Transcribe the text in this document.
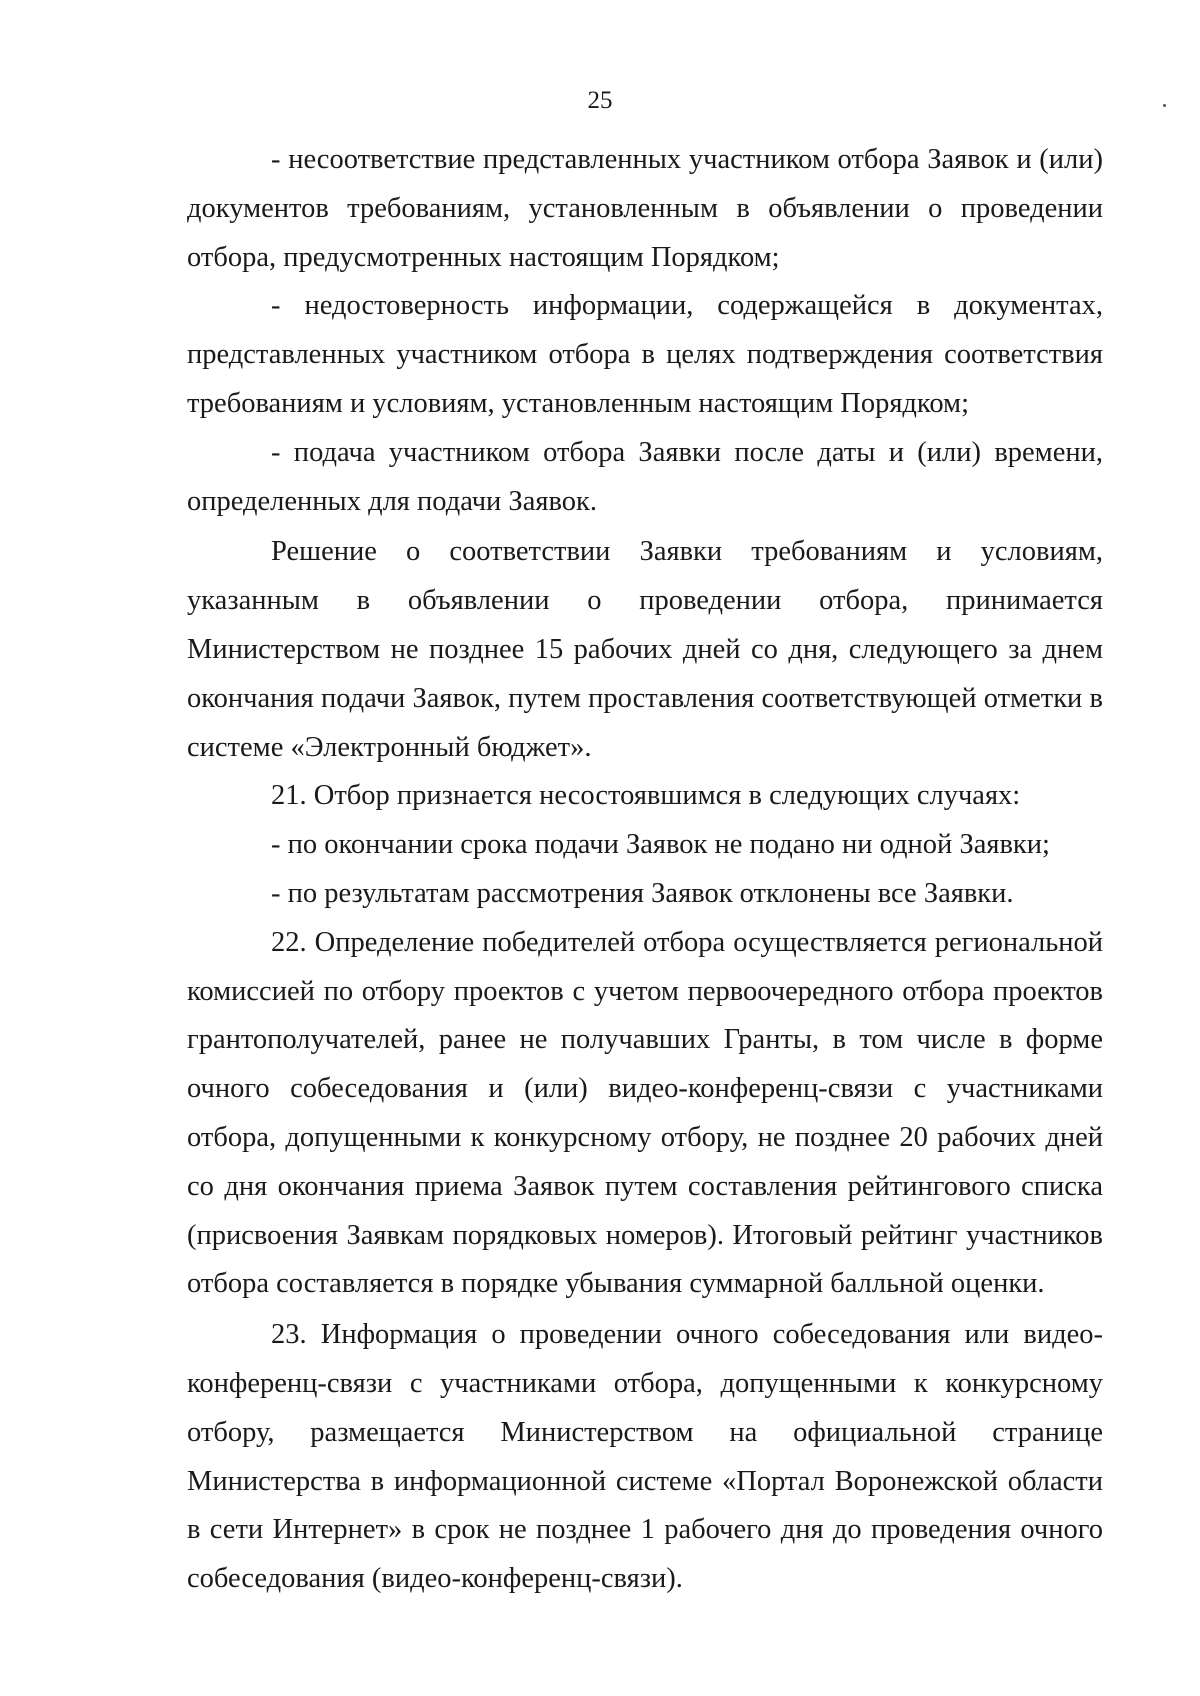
25

- несоответствие представленных участником отбора Заявок и (или) документов требованиям, установленным в объявлении о проведении отбора, предусмотренных настоящим Порядком;

- недостоверность информации, содержащейся в документах, представленных участником отбора в целях подтверждения соответствия требованиям и условиям, установленным настоящим Порядком;

- подача участником отбора Заявки после даты и (или) времени, определенных для подачи Заявок.

Решение о соответствии Заявки требованиям и условиям, указанным в объявлении о проведении отбора, принимается Министерством не позднее 15 рабочих дней со дня, следующего за днем окончания подачи Заявок, путем проставления соответствующей отметки в системе «Электронный бюджет».

21. Отбор признается несостоявшимся в следующих случаях:

- по окончании срока подачи Заявок не подано ни одной Заявки;

- по результатам рассмотрения Заявок отклонены все Заявки.

22. Определение победителей отбора осуществляется региональной комиссией по отбору проектов с учетом первоочередного отбора проектов грантополучателей, ранее не получавших Гранты, в том числе в форме очного собеседования и (или) видео-конференц-связи с участниками отбора, допущенными к конкурсному отбору, не позднее 20 рабочих дней со дня окончания приема Заявок путем составления рейтингового списка (присвоения Заявкам порядковых номеров). Итоговый рейтинг участников отбора составляется в порядке убывания суммарной балльной оценки.

23. Информация о проведении очного собеседования или видео-конференц-связи с участниками отбора, допущенными к конкурсному отбору, размещается Министерством на официальной странице Министерства в информационной системе «Портал Воронежской области в сети Интернет» в срок не позднее 1 рабочего дня до проведения очного собеседования (видео-конференц-связи).
